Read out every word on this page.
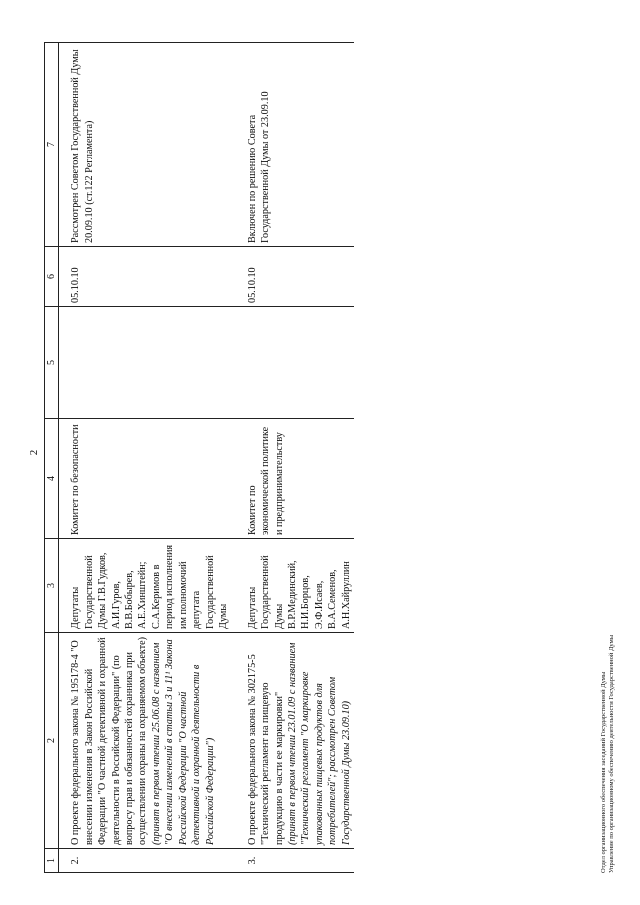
2
1	2	3	4	5	6	7
2.	О проекте федерального закона № 195178-4 "О внесении изменения в Закон Российской Федерации "О частной детективной и охранной деятельности в Российской Федерации" (по вопросу прав и обязанностей охранника при осуществлении охраны на охраняемом объекте) (принят в первом чтении 25.06.08 с названием "О внесении изменений в статьи 3 и 11¹ Закона Российской Федерации "О частной детективной и охранной деятельности в Российской Федерации")	Депутаты Государственной Думы Г.В.Гудков, А.И.Гуров, В.В.Бобырев, А.Е.Хинштейн; С.А.Керимов в период исполнения им полномочий депутата Государственной Думы	Комитет по безопасности		05.10.10	Рассмотрен Советом Государственной Думы 20.09.10 (ст.122 Регламента)
3.	О проекте федерального закона № 302175-5 "Технический регламент на пищевую продукцию в части ее маркировки" (принят в первом чтении 23.01.09 с названием "Технический регламент "О маркировке упакованных пищевых продуктов для потребителей"; рассмотрен Советом Государственной Думы 23.09.10)	Депутаты Государственной Думы В.Р.Мединский, Н.И.Борцов, Э.Ф.Исаев, В.А.Семенов, А.Н.Хайруллин	Комитет по экономической политике и предпринимательству		05.10.10	Включен по решению Совета Государственной Думы от 23.09.10
Отдел организационного обеспечения заседаний Государственной Думы Управление по организационному обеспечению деятельности Государственной Думы
